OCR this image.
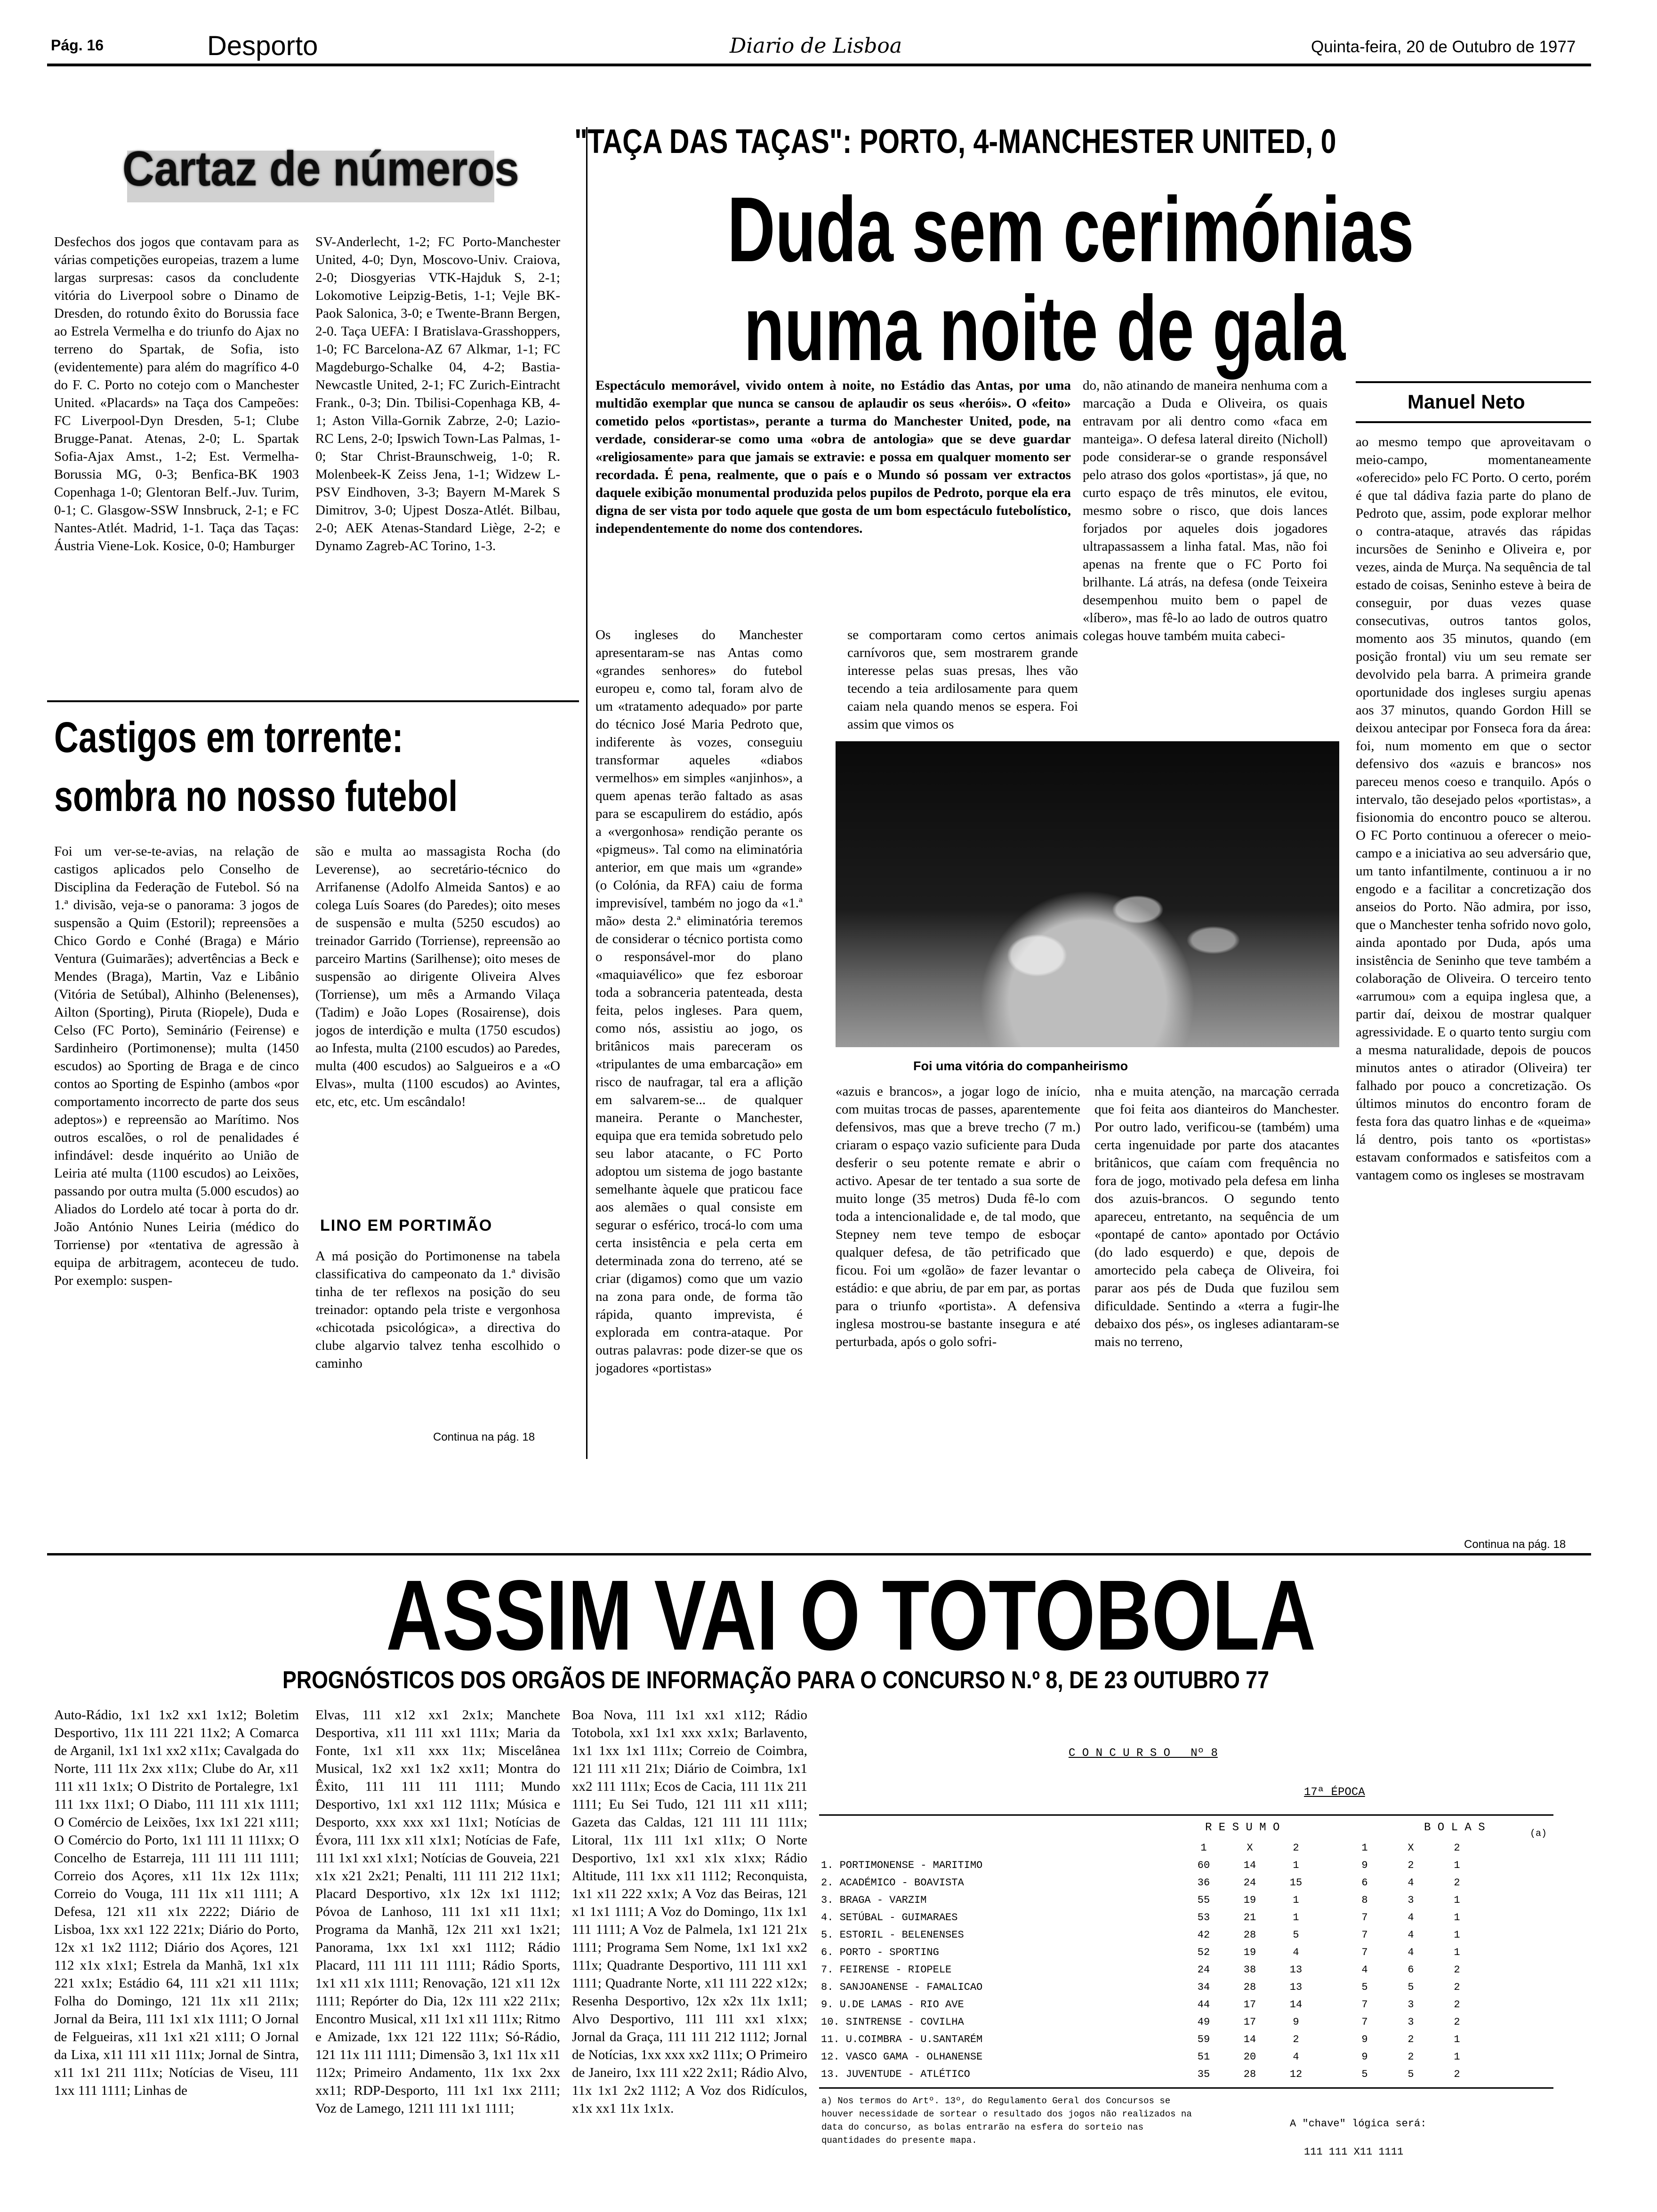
Pág. 16	Desporto	Diario de Lisboa	Quinta-feira, 20 de Outubro de 1977
Cartaz de números
Desfechos dos jogos que contavam para as várias competições europeias, trazem a lume largas surpresas: casos da concludente vitória do Liverpool sobre o Dinamo de Dresden, do rotundo êxito do Borussia face ao Estrela Vermelha e do triunfo do Ajax no terreno do Spartak, de Sofia, isto (evidentemente) para além do magrífico 4-0 do F. C. Porto no cotejo com o Manchester United. «Placards» na Taça dos Campeões: FC Liverpool-Dyn Dresden, 5-1; Clube Brugge-Panat. Atenas, 2-0; L. Spartak Sofia-Ajax Amst., 1-2; Est. Vermelha-Borussia MG, 0-3; Benfica-BK 1903 Copenhaga 1-0; Glentoran Belf.-Juv. Turim, 0-1; C. Glasgow-SSW Innsbruck, 2-1; e FC Nantes-Atlét. Madrid, 1-1. Taça das Taças: Áustria Viene-Lok. Kosice, 0-0; Hamburger
SV-Anderlecht, 1-2; FC Porto-Manchester United, 4-0; Dyn, Moscovo-Univ. Craiova, 2-0; Diosgyerias VTK-Hajduk S, 2-1; Lokomotive Leipzig-Betis, 1-1; Vejle BK-Paok Salonica, 3-0; e Twente-Brann Bergen, 2-0. Taça UEFA: I Bratislava-Grasshoppers, 1-0; FC Barcelona-AZ 67 Alkmar, 1-1; FC Magdeburgo-Schalke 04, 4-2; Bastia-Newcastle United, 2-1; FC Zurich-Eintracht Frank., 0-3; Din. Tbilisi-Copenhaga KB, 4-1; Aston Villa-Gornik Zabrze, 2-0; Lazio-RC Lens, 2-0; Ipswich Town-Las Palmas, 1-0; Star Christ-Braunschweig, 1-0; R. Molenbeek-K Zeiss Jena, 1-1; Widzew L-PSV Eindhoven, 3-3; Bayern M-Marek S Dimitrov, 3-0; Ujpest Dosza-Atlét. Bilbau, 2-0; AEK Atenas-Standard Liège, 2-2; e Dynamo Zagreb-AC Torino, 1-3.
Castigos em torrente:
sombra no nosso futebol
Foi um ver-se-te-avias, na relação de castigos aplicados pelo Conselho de Disciplina da Federação de Futebol. Só na 1.ª divisão, veja-se o panorama: 3 jogos de suspensão a Quim (Estoril); repreensões a Chico Gordo e Conhé (Braga) e Mário Ventura (Guimarães); advertências a Beck e Mendes (Braga), Martin, Vaz e Libânio (Vitória de Setúbal), Alhinho (Belenenses), Ailton (Sporting), Piruta (Riopele), Duda e Celso (FC Porto), Seminário (Feirense) e Sardinheiro (Portimonense); multa (1450 escudos) ao Sporting de Braga e de cinco contos ao Sporting de Espinho (ambos «por comportamento incorrecto de parte dos seus adeptos») e repreensão ao Marítimo. Nos outros escalões, o rol de penalidades é infindável: desde inquérito ao União de Leiria até multa (1100 escudos) ao Leixões, passando por outra multa (5.000 escudos) ao Aliados do Lordelo até tocar à porta do dr. João António Nunes Leiria (médico do Torriense) por «tentativa de agressão à equipa de arbitragem, aconteceu de tudo. Por exemplo: suspen-
são e multa ao massagista Rocha (do Leverense), ao secretário-técnico do Arrifanense (Adolfo Almeida Santos) e ao colega Luís Soares (do Paredes); oito meses de suspensão e multa (5250 escudos) ao treinador Garrido (Torriense), repreensão ao parceiro Martins (Sarilhense); oito meses de suspensão ao dirigente Oliveira Alves (Torriense), um mês a Armando Vilaça (Tadim) e João Lopes (Rosairense), dois jogos de interdição e multa (1750 escudos) ao Infesta, multa (2100 escudos) ao Paredes, multa (400 escudos) ao Salgueiros e a «O Elvas», multa (1100 escudos) ao Avintes, etc, etc, etc. Um escândalo!
LINO EM PORTIMÃO
A má posição do Portimonense na tabela classificativa do campeonato da 1.ª divisão tinha de ter reflexos na posição do seu treinador: optando pela triste e vergonhosa «chicotada psicológica», a directiva do clube algarvio talvez tenha escolhido o caminho
Continua na pág. 18
"TAÇA DAS TAÇAS": PORTO, 4-MANCHESTER UNITED, 0
Duda sem cerimónias
numa noite de gala
Manuel Neto
Espectáculo memorável, vivido ontem à noite, no Estádio das Antas, por uma multidão exemplar que nunca se cansou de aplaudir os seus «heróis». O «feito» cometido pelos «portistas», perante a turma do Manchester United, pode, na verdade, considerar-se como uma «obra de antologia» que se deve guardar «religiosamente» para que jamais se extravie: e possa em qualquer momento ser recordada. É pena, realmente, que o país e o Mundo só possam ver extractos daquele exibição monumental produzida pelos pupilos de Pedroto, porque ela era digna de ser vista por todo aquele que gosta de um bom espectáculo futebolístico, independentemente do nome dos contendores.
Os ingleses do Manchester apresentaram-se nas Antas como «grandes senhores» do futebol europeu e, como tal, foram alvo de um «tratamento adequado» por parte do técnico José Maria Pedroto que, indiferente às vozes, conseguiu transformar aqueles «diabos vermelhos» em simples «anjinhos», a quem apenas terão faltado as asas para se escapulirem do estádio, após a «vergonhosa» rendição perante os «pigmeus». Tal como na eliminatória anterior, em que mais um «grande» (o Colónia, da RFA) caiu de forma imprevisível, também no jogo da «1.ª mão» desta 2.ª eliminatória teremos de considerar o técnico portista como o responsável-mor do plano «maquiavélico» que fez esboroar toda a sobranceria patenteada, desta feita, pelos ingleses. Para quem, como nós, assistiu ao jogo, os britânicos mais pareceram os «tripulantes de uma embarcação» em risco de naufragar, tal era a aflição em salvarem-se... de qualquer maneira. Perante o Manchester, equipa que era temida sobretudo pelo seu labor atacante, o FC Porto adoptou um sistema de jogo bastante semelhante àquele que praticou face aos alemães o qual consiste em segurar o esférico, trocá-lo com uma certa insistência e pela certa em determinada zona do terreno, até se criar (digamos) como que um vazio na zona para onde, de forma tão rápida, quanto imprevista, é explorada em contra-ataque. Por outras palavras: pode dizer-se que os jogadores «portistas»
se comportaram como certos animais carnívoros que, sem mostrarem grande interesse pelas suas presas, lhes vão tecendo a teia ardilosamente para quem caiam nela quando menos se espera. Foi assim que vimos os
Foi uma vitória do companheirismo
«azuis e brancos», a jogar logo de início, com muitas trocas de passes, aparentemente defensivos, mas que a breve trecho (7 m.) criaram o espaço vazio suficiente para Duda desferir o seu potente remate e abrir o activo. Apesar de ter tentado a sua sorte de muito longe (35 metros) Duda fê-lo com toda a intencionalidade e, de tal modo, que Stepney nem teve tempo de esboçar qualquer defesa, de tão petrificado que ficou. Foi um «golão» de fazer levantar o estádio: e que abriu, de par em par, as portas para o triunfo «portista». A defensiva inglesa mostrou-se bastante insegura e até perturbada, após o golo sofri-
do, não atinando de maneira nenhuma com a marcação a Duda e Oliveira, os quais entravam por ali dentro como «faca em manteiga». O defesa lateral direito (Nicholl) pode considerar-se o grande responsável pelo atraso dos golos «portistas», já que, no curto espaço de três minutos, ele evitou, mesmo sobre o risco, que dois lances forjados por aqueles dois jogadores ultrapassassem a linha fatal. Mas, não foi apenas na frente que o FC Porto foi brilhante. Lá atrás, na defesa (onde Teixeira desempenhou muito bem o papel de «líbero», mas fê-lo ao lado de outros quatro colegas houve também muita cabeci-
nha e muita atenção, na marcação cerrada que foi feita aos dianteiros do Manchester. Por outro lado, verificou-se (também) uma certa ingenuidade por parte dos atacantes britânicos, que caíam com frequência no fora de jogo, motivado pela defesa em linha dos azuis-brancos. O segundo tento apareceu, entretanto, na sequência de um «pontapé de canto» apontado por Octávio (do lado esquerdo) e que, depois de amortecido pela cabeça de Oliveira, foi parar aos pés de Duda que fuzilou sem dificuldade. Sentindo a «terra a fugir-lhe debaixo dos pés», os ingleses adiantaram-se mais no terreno,
ao mesmo tempo que aproveitavam o meio-campo, momentaneamente «oferecido» pelo FC Porto. O certo, porém é que tal dádiva fazia parte do plano de Pedroto que, assim, pode explorar melhor o contra-ataque, através das rápidas incursões de Seninho e Oliveira e, por vezes, ainda de Murça. Na sequência de tal estado de coisas, Seninho esteve à beira de conseguir, por duas vezes quase consecutivas, outros tantos golos, momento aos 35 minutos, quando (em posição frontal) viu um seu remate ser devolvido pela barra. A primeira grande oportunidade dos ingleses surgiu apenas aos 37 minutos, quando Gordon Hill se deixou antecipar por Fonseca fora da área: foi, num momento em que o sector defensivo dos «azuis e brancos» nos pareceu menos coeso e tranquilo. Após o intervalo, tão desejado pelos «portistas», a fisionomia do encontro pouco se alterou. O FC Porto continuou a oferecer o meio-campo e a iniciativa ao seu adversário que, um tanto infantilmente, continuou a ir no engodo e a facilitar a concretização dos anseios do Porto. Não admira, por isso, que o Manchester tenha sofrido novo golo, ainda apontado por Duda, após uma insistência de Seninho que teve também a colaboração de Oliveira. O terceiro tento «arrumou» com a equipa inglesa que, a partir daí, deixou de mostrar qualquer agressividade. E o quarto tento surgiu com a mesma naturalidade, depois de poucos minutos antes o atirador (Oliveira) ter falhado por pouco a concretização. Os últimos minutos do encontro foram de festa fora das quatro linhas e de «queima» lá dentro, pois tanto os «portistas» estavam conformados e satisfeitos com a vantagem como os ingleses se mostravam
Continua na pág. 18
ASSIM VAI O TOTOBOLA
PROGNÓSTICOS DOS ORGÃOS DE INFORMAÇÃO PARA O CONCURSO N.º 8, DE 23 OUTUBRO 77
Auto-Rádio, 1x1 1x2 xx1 1x12; Boletim Desportivo, 11x 111 221 11x2; A Comarca de Arganil, 1x1 1x1 xx2 x11x; Cavalgada do Norte, 111 11x 2xx x11x; Clube do Ar, x11 111 x11 1x1x; O Distrito de Portalegre, 1x1 111 1xx 11x1; O Diabo, 111 111 x1x 1111; O Comércio de Leixões, 1xx 1x1 221 x111; O Comércio do Porto, 1x1 111 11 111xx; O Concelho de Estarreja, 111 111 111 1111; Correio dos Açores, x11 11x 12x 111x; Correio do Vouga, 111 11x x11 1111; A Defesa, 121 x11 x1x 2222; Diário de Lisboa, 1xx xx1 122 221x; Diário do Porto, 12x x1 1x2 1112; Diário dos Açores, 121 112 x1x x1x1; Estrela da Manhã, 1x1 x1x 221 xx1x; Estádio 64, 111 x21 x11 111x; Folha do Domingo, 121 11x x11 211x; Jornal da Beira, 111 1x1 x1x 1111; O Jornal de Felgueiras, x11 1x1 x21 x111; O Jornal da Lixa, x11 111 x11 111x; Jornal de Sintra, x11 1x1 211 111x; Notícias de Viseu, 111 1xx 111 1111; Linhas de
Elvas, 111 x12 xx1 2x1x; Manchete Desportiva, x11 111 xx1 111x; Maria da Fonte, 1x1 x11 xxx 11x; Miscelânea Musical, 1x2 xx1 1x2 xx11; Montra do Êxito, 111 111 111 1111; Mundo Desportivo, 1x1 xx1 112 111x; Música e Desporto, xxx xxx xx1 11x1; Notícias de Évora, 111 1xx x11 x1x1; Notícias de Fafe, 111 1x1 xx1 x1x1; Notícias de Gouveia, 221 x1x x21 2x21; Penalti, 111 111 212 11x1; Placard Desportivo, x1x 12x 1x1 1112; Póvoa de Lanhoso, 111 1x1 x11 11x1; Programa da Manhã, 12x 211 xx1 1x21; Panorama, 1xx 1x1 xx1 1112; Rádio Placard, 111 111 111 1111; Rádio Sports, 1x1 x11 x1x 1111; Renovação, 121 x11 12x 1111; Repórter do Dia, 12x 111 x22 211x; Encontro Musical, x11 1x1 x11 111x; Ritmo e Amizade, 1xx 121 122 111x; Só-Rádio, 121 11x 111 1111; Dimensão 3, 1x1 11x x11 112x; Primeiro Andamento, 11x 1xx 2xx xx11; RDP-Desporto, 111 1x1 1xx 2111; Voz de Lamego, 1211 111 1x1 1111;
Boa Nova, 111 1x1 xx1 x112; Rádio Totobola, xx1 1x1 xxx xx1x; Barlavento, 1x1 1xx 1x1 111x; Correio de Coimbra, 121 111 x11 21x; Diário de Coimbra, 1x1 xx2 111 111x; Ecos de Cacia, 111 11x 211 1111; Eu Sei Tudo, 121 111 x11 x111; Gazeta das Caldas, 121 111 111 111x; Litoral, 11x 111 1x1 x11x; O Norte Desportivo, 1x1 xx1 x1x x1xx; Rádio Altitude, 111 1xx x11 1112; Reconquista, 1x1 x11 222 xx1x; A Voz das Beiras, 121 x1 1x1 1111; A Voz do Domingo, 11x 1x1 111 1111; A Voz de Palmela, 1x1 121 21x 1111; Programa Sem Nome, 1x1 1x1 xx2 111x; Quadrante Desportivo, 111 111 xx1 1111; Quadrante Norte, x11 111 222 x12x; Resenha Desportivo, 12x x2x 11x 1x11; Alvo Desportivo, 111 111 xx1 x1xx; Jornal da Graça, 111 111 212 1112; Jornal de Notícias, 1xx xxx xx2 111x; O Primeiro de Janeiro, 1xx 111 x22 2x11; Rádio Alvo, 11x 1x1 2x2 1112; A Voz dos Ridículos, x1x xx1 11x 1x1x.
C O N C U R S O   Nº 8
17ª ÉPOCA
R E S U M O	B O L A S	(a)
	1	X	2		1	X	2
1. PORTIMONENSE - MARITIMO	60	14	1		9	2	1
2. ACADÉMICO - BOAVISTA	36	24	15		6	4	2
3. BRAGA - VARZIM	55	19	1		8	3	1
4. SETÚBAL - GUIMARAES	53	21	1		7	4	1
5. ESTORIL - BELENENSES	42	28	5		7	4	1
6. PORTO - SPORTING	52	19	4		7	4	1
7. FEIRENSE - RIOPELE	24	38	13		4	6	2
8. SANJOANENSE - FAMALICAO	34	28	13		5	5	2
9. U.DE LAMAS - RIO AVE	44	17	14		7	3	2
10. SINTRENSE - COVILHA	49	17	9		7	3	2
11. U.COIMBRA - U.SANTARÉM	59	14	2		9	2	1
12. VASCO GAMA - OLHANENSE	51	20	4		9	2	1
13. JUVENTUDE - ATLÉTICO	35	28	12		5	5	2
a) Nos termos do Artº. 13º, do Regulamento Geral dos Concursos se houver necessidade de sortear o resultado dos jogos não realizados na data do concurso, as bolas entrarão na esfera do sorteio nas quantidades do presente mapa.
A "chave" lógica será:
111 111 X11 1111
